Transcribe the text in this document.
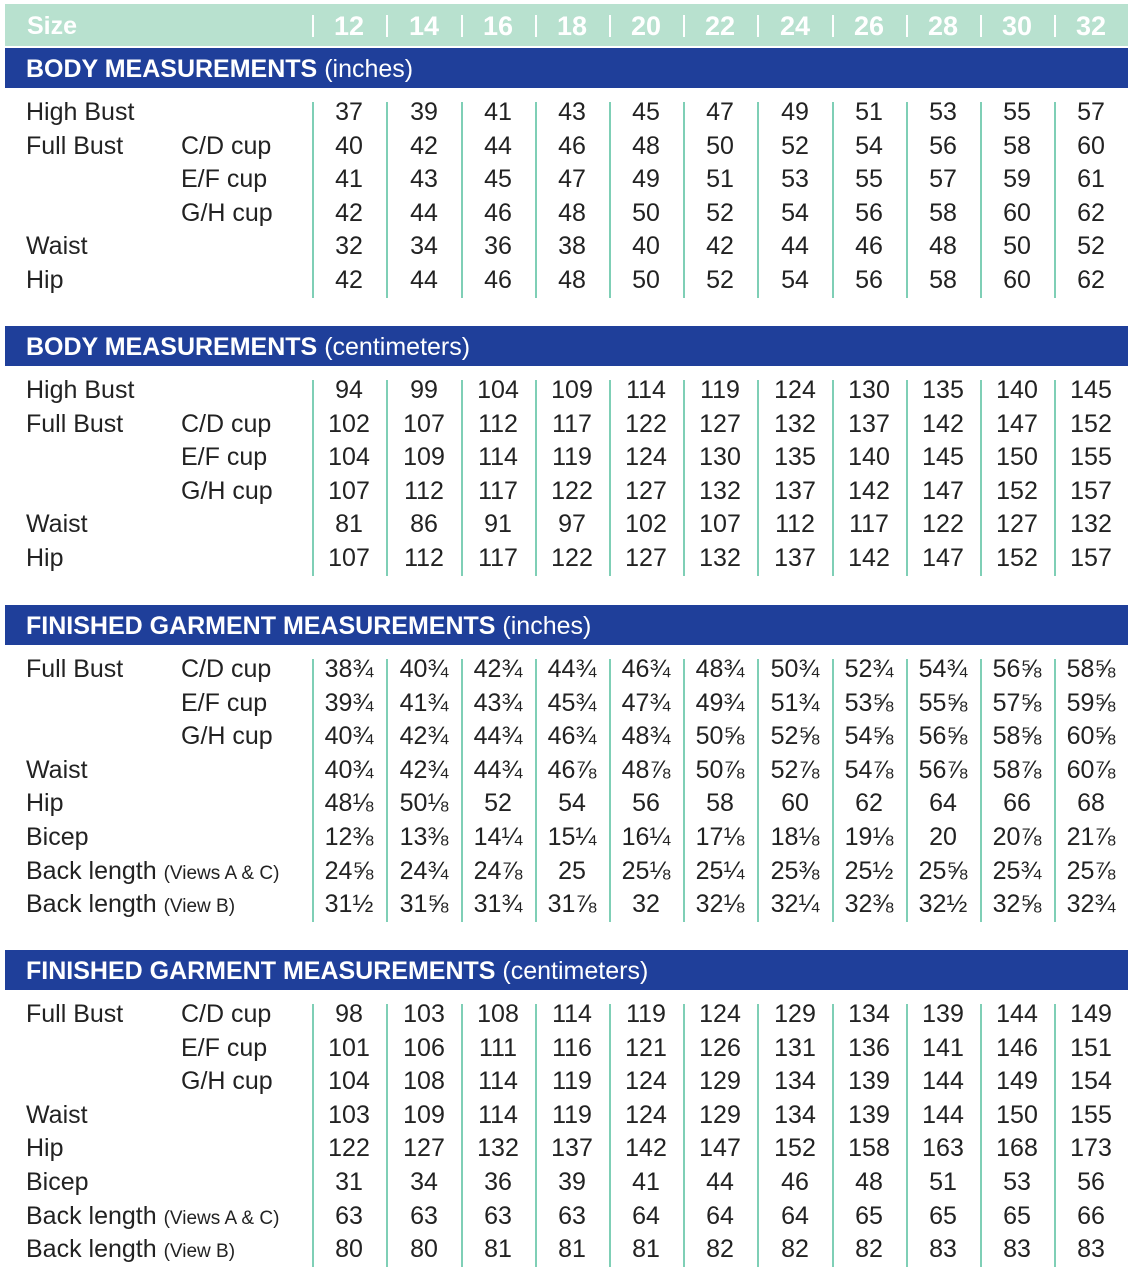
Size	12	14	16	18	20	22	24	26	28	30	32
BODY MEASUREMENTS (inches)
High Bust	37	39	41	43	45	47	49	51	53	55	57
Full Bust C/D cup	40	42	44	46	48	50	52	54	56	58	60
E/F cup	41	43	45	47	49	51	53	55	57	59	61
G/H cup	42	44	46	48	50	52	54	56	58	60	62
Waist	32	34	36	38	40	42	44	46	48	50	52
Hip	42	44	46	48	50	52	54	56	58	60	62
BODY MEASUREMENTS (centimeters)
High Bust	94	99	104	109	114	119	124	130	135	140	145
Full Bust C/D cup	102	107	112	117	122	127	132	137	142	147	152
E/F cup	104	109	114	119	124	130	135	140	145	150	155
G/H cup	107	112	117	122	127	132	137	142	147	152	157
Waist	81	86	91	97	102	107	112	117	122	127	132
Hip	107	112	117	122	127	132	137	142	147	152	157
FINISHED GARMENT MEASUREMENTS (inches)
Full Bust C/D cup	38¾	40¾	42¾	44¾	46¾	48¾	50¾	52¾	54¾	56⅝	58⅝
E/F cup	39¾	41¾	43¾	45¾	47¾	49¾	51¾	53⅝	55⅝	57⅝	59⅝
G/H cup	40¾	42¾	44¾	46¾	48¾	50⅝	52⅝	54⅝	56⅝	58⅝	60⅝
Waist	40¾	42¾	44¾	46⅞	48⅞	50⅞	52⅞	54⅞	56⅞	58⅞	60⅞
Hip	48⅛	50⅛	52	54	56	58	60	62	64	66	68
Bicep	12⅜	13⅜	14¼	15¼	16¼	17⅛	18⅛	19⅛	20	20⅞	21⅞
Back length (Views A & C)	24⅝	24¾	24⅞	25	25⅛	25¼	25⅜	25½	25⅝	25¾	25⅞
Back length (View B)	31½	31⅝	31¾	31⅞	32	32⅛	32¼	32⅜	32½	32⅝	32¾
FINISHED GARMENT MEASUREMENTS (centimeters)
Full Bust C/D cup	98	103	108	114	119	124	129	134	139	144	149
E/F cup	101	106	111	116	121	126	131	136	141	146	151
G/H cup	104	108	114	119	124	129	134	139	144	149	154
Waist	103	109	114	119	124	129	134	139	144	150	155
Hip	122	127	132	137	142	147	152	158	163	168	173
Bicep	31	34	36	39	41	44	46	48	51	53	56
Back length (Views A & C)	63	63	63	63	64	64	64	65	65	65	66
Back length (View B)	80	80	81	81	81	82	82	82	83	83	83
